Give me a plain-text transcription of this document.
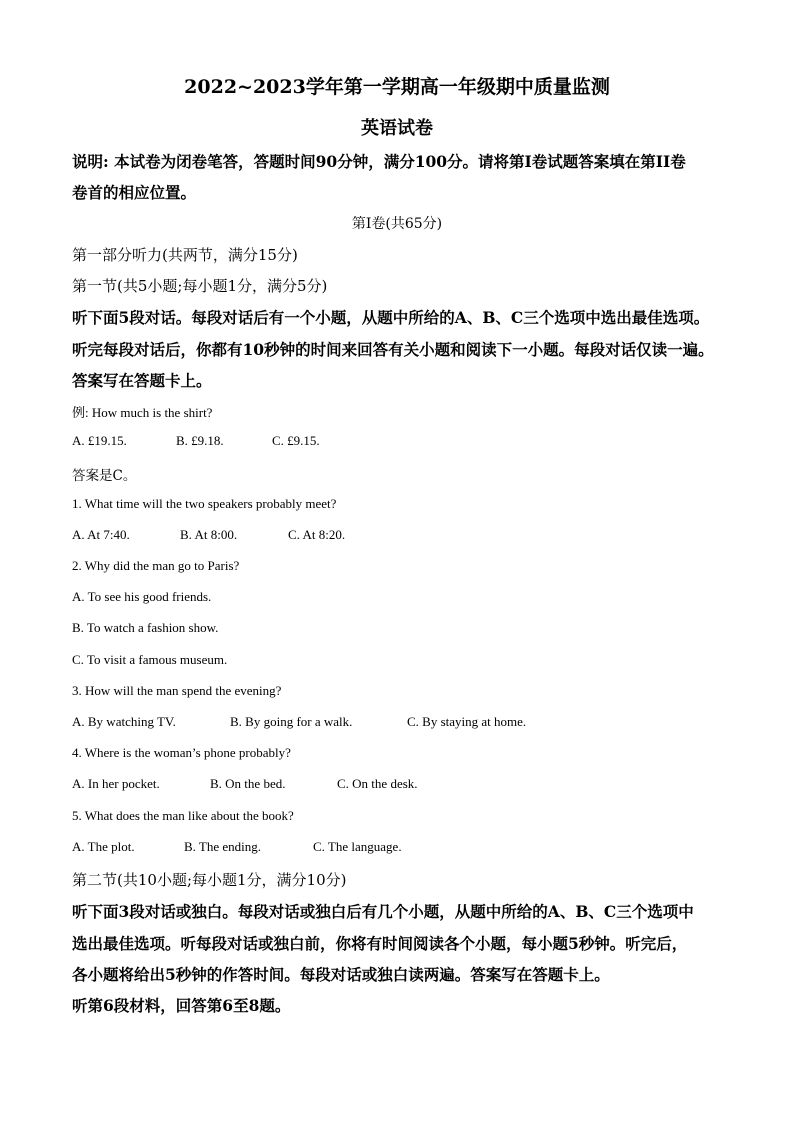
2022~2023学年第一学期高一年级期中质量监测
英语试卷
说明: 本试卷为闭卷笔答，答题时间90分钟，满分100分。请将第I卷试题答案填在第II卷
卷首的相应位置。
第I卷(共65分)
第一部分听力(共两节，满分15分)
第一节(共5小题;每小题1分，满分5分)
听下面5段对话。每段对话后有一个小题，从题中所给的A、B、C三个选项中选出最佳选项。
听完每段对话后，你都有10秒钟的时间来回答有关小题和阅读下一小题。每段对话仅读一遍。
答案写在答题卡上。
例: How much is the shirt?
A. £19.15.	B. £9.18.	C. £9.15.
答案是C。
1. What time will the two speakers probably meet?
A. At 7:40.	B. At 8:00.	C. At 8:20.
2. Why did the man go to Paris?
A. To see his good friends.
B. To watch a fashion show.
C. To visit a famous museum.
3. How will the man spend the evening?
A. By watching TV.	B. By going for a walk.	C. By staying at home.
4. Where is the woman’s phone probably?
A. In her pocket.	B. On the bed.	C. On the desk.
5. What does the man like about the book?
A. The plot.	B. The ending.	C. The language.
第二节(共10小题;每小题1分，满分10分)
听下面3段对话或独白。每段对话或独白后有几个小题，从题中所给的A、B、C三个选项中
选出最佳选项。听每段对话或独白前，你将有时间阅读各个小题，每小题5秒钟。听完后，
各小题将给出5秒钟的作答时间。每段对话或独白读两遍。答案写在答题卡上。
听第6段材料，回答第6至8题。
